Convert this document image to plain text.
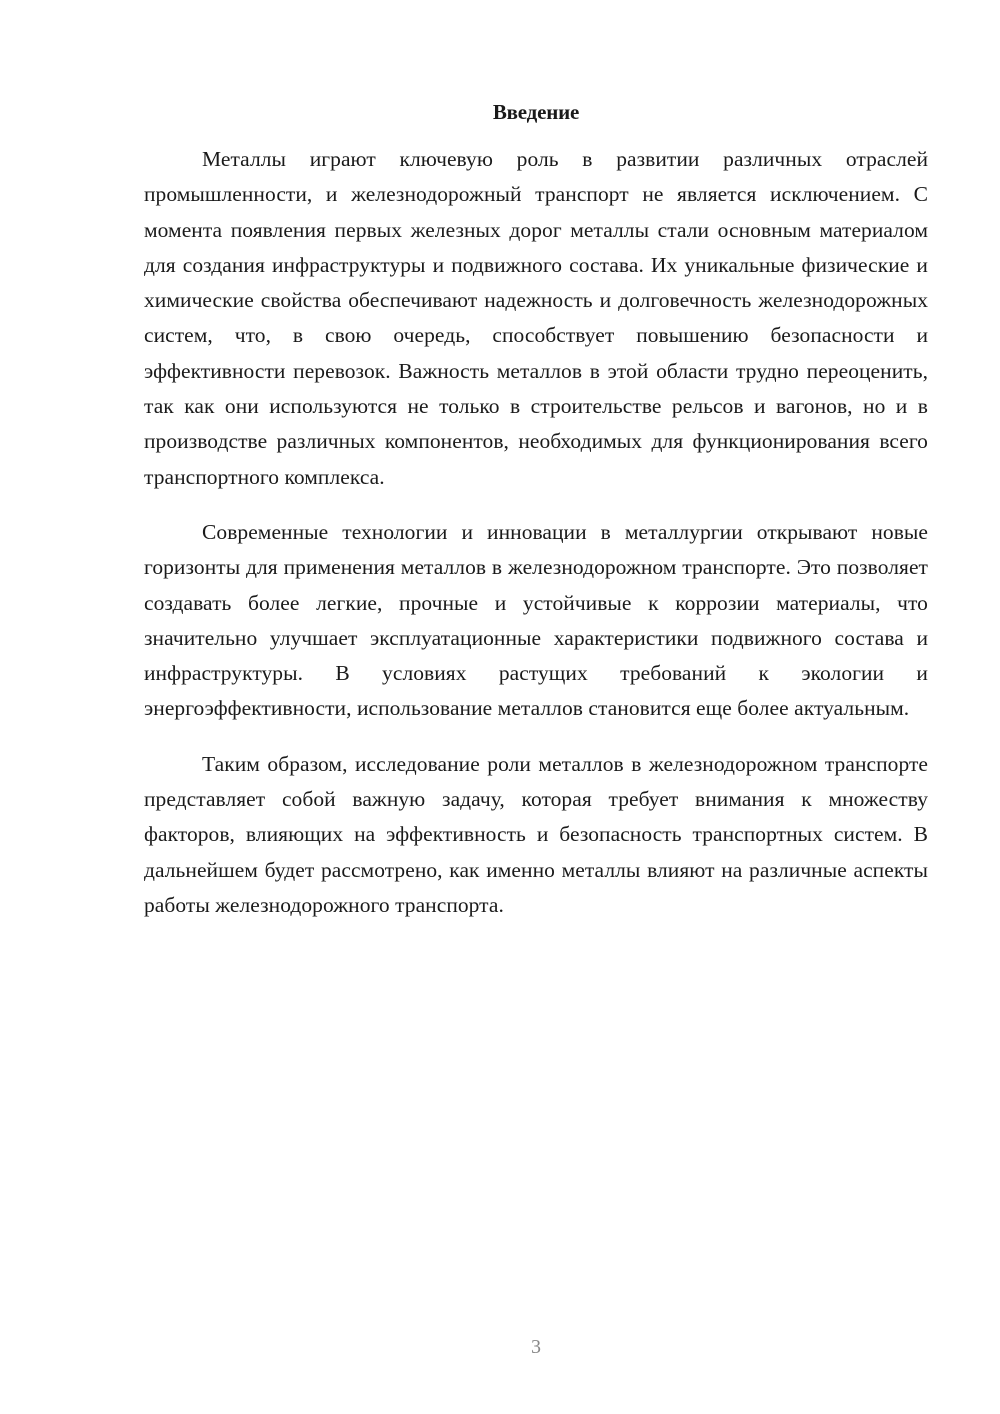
Введение

Металлы играют ключевую роль в развитии различных отраслей промышленности, и железнодорожный транспорт не является исключением. С момента появления первых железных дорог металлы стали основным материалом для создания инфраструктуры и подвижного состава. Их уникальные физические и химические свойства обеспечивают надежность и долговечность железнодорожных систем, что, в свою очередь, способствует повышению безопасности и эффективности перевозок. Важность металлов в этой области трудно переоценить, так как они используются не только в строительстве рельсов и вагонов, но и в производстве различных компонентов, необходимых для функционирования всего транспортного комплекса.

Современные технологии и инновации в металлургии открывают новые горизонты для применения металлов в железнодорожном транспорте. Это позволяет создавать более легкие, прочные и устойчивые к коррозии материалы, что значительно улучшает эксплуатационные характеристики подвижного состава и инфраструктуры. В условиях растущих требований к экологии и энергоэффективности, использование металлов становится еще более актуальным.

Таким образом, исследование роли металлов в железнодорожном транспорте представляет собой важную задачу, которая требует внимания к множеству факторов, влияющих на эффективность и безопасность транспортных систем. В дальнейшем будет рассмотрено, как именно металлы влияют на различные аспекты работы железнодорожного транспорта.

3
